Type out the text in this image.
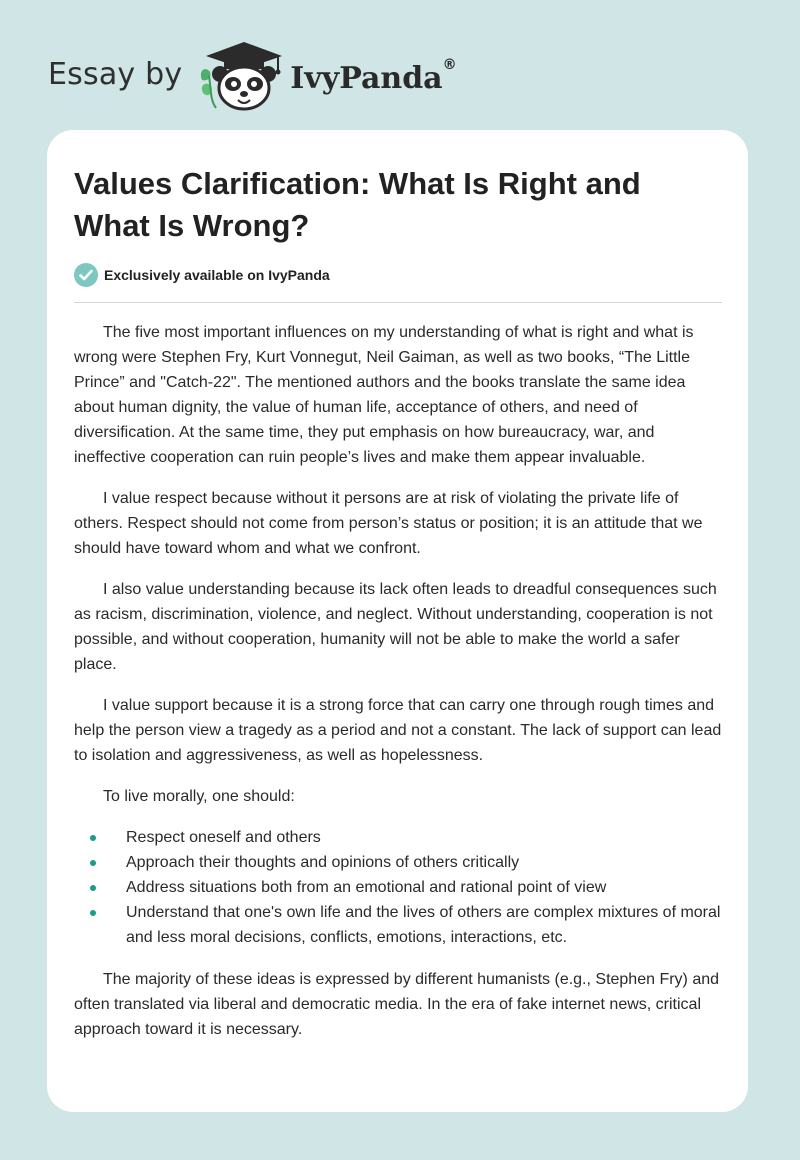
Essay by	IvyPanda®
Values Clarification: What Is Right and What Is Wrong?
Exclusively available on IvyPanda

The five most important influences on my understanding of what is right and what is wrong were Stephen Fry, Kurt Vonnegut, Neil Gaiman, as well as two books, “The Little Prince” and "Catch-22". The mentioned authors and the books translate the same idea about human dignity, the value of human life, acceptance of others, and need of diversification. At the same time, they put emphasis on how bureaucracy, war, and ineffective cooperation can ruin people’s lives and make them appear invaluable.

I value respect because without it persons are at risk of violating the private life of others. Respect should not come from person’s status or position; it is an attitude that we should have toward whom and what we confront.

I also value understanding because its lack often leads to dreadful consequences such as racism, discrimination, violence, and neglect. Without understanding, cooperation is not possible, and without cooperation, humanity will not be able to make the world a safer place.

I value support because it is a strong force that can carry one through rough times and help the person view a tragedy as a period and not a constant. The lack of support can lead to isolation and aggressiveness, as well as hopelessness.

To live morally, one should:

Respect oneself and others
Approach their thoughts and opinions of others critically
Address situations both from an emotional and rational point of view
Understand that one's own life and the lives of others are complex mixtures of moral and less moral decisions, conflicts, emotions, interactions, etc.

The majority of these ideas is expressed by different humanists (e.g., Stephen Fry) and often translated via liberal and democratic media. In the era of fake internet news, critical approach toward it is necessary.
